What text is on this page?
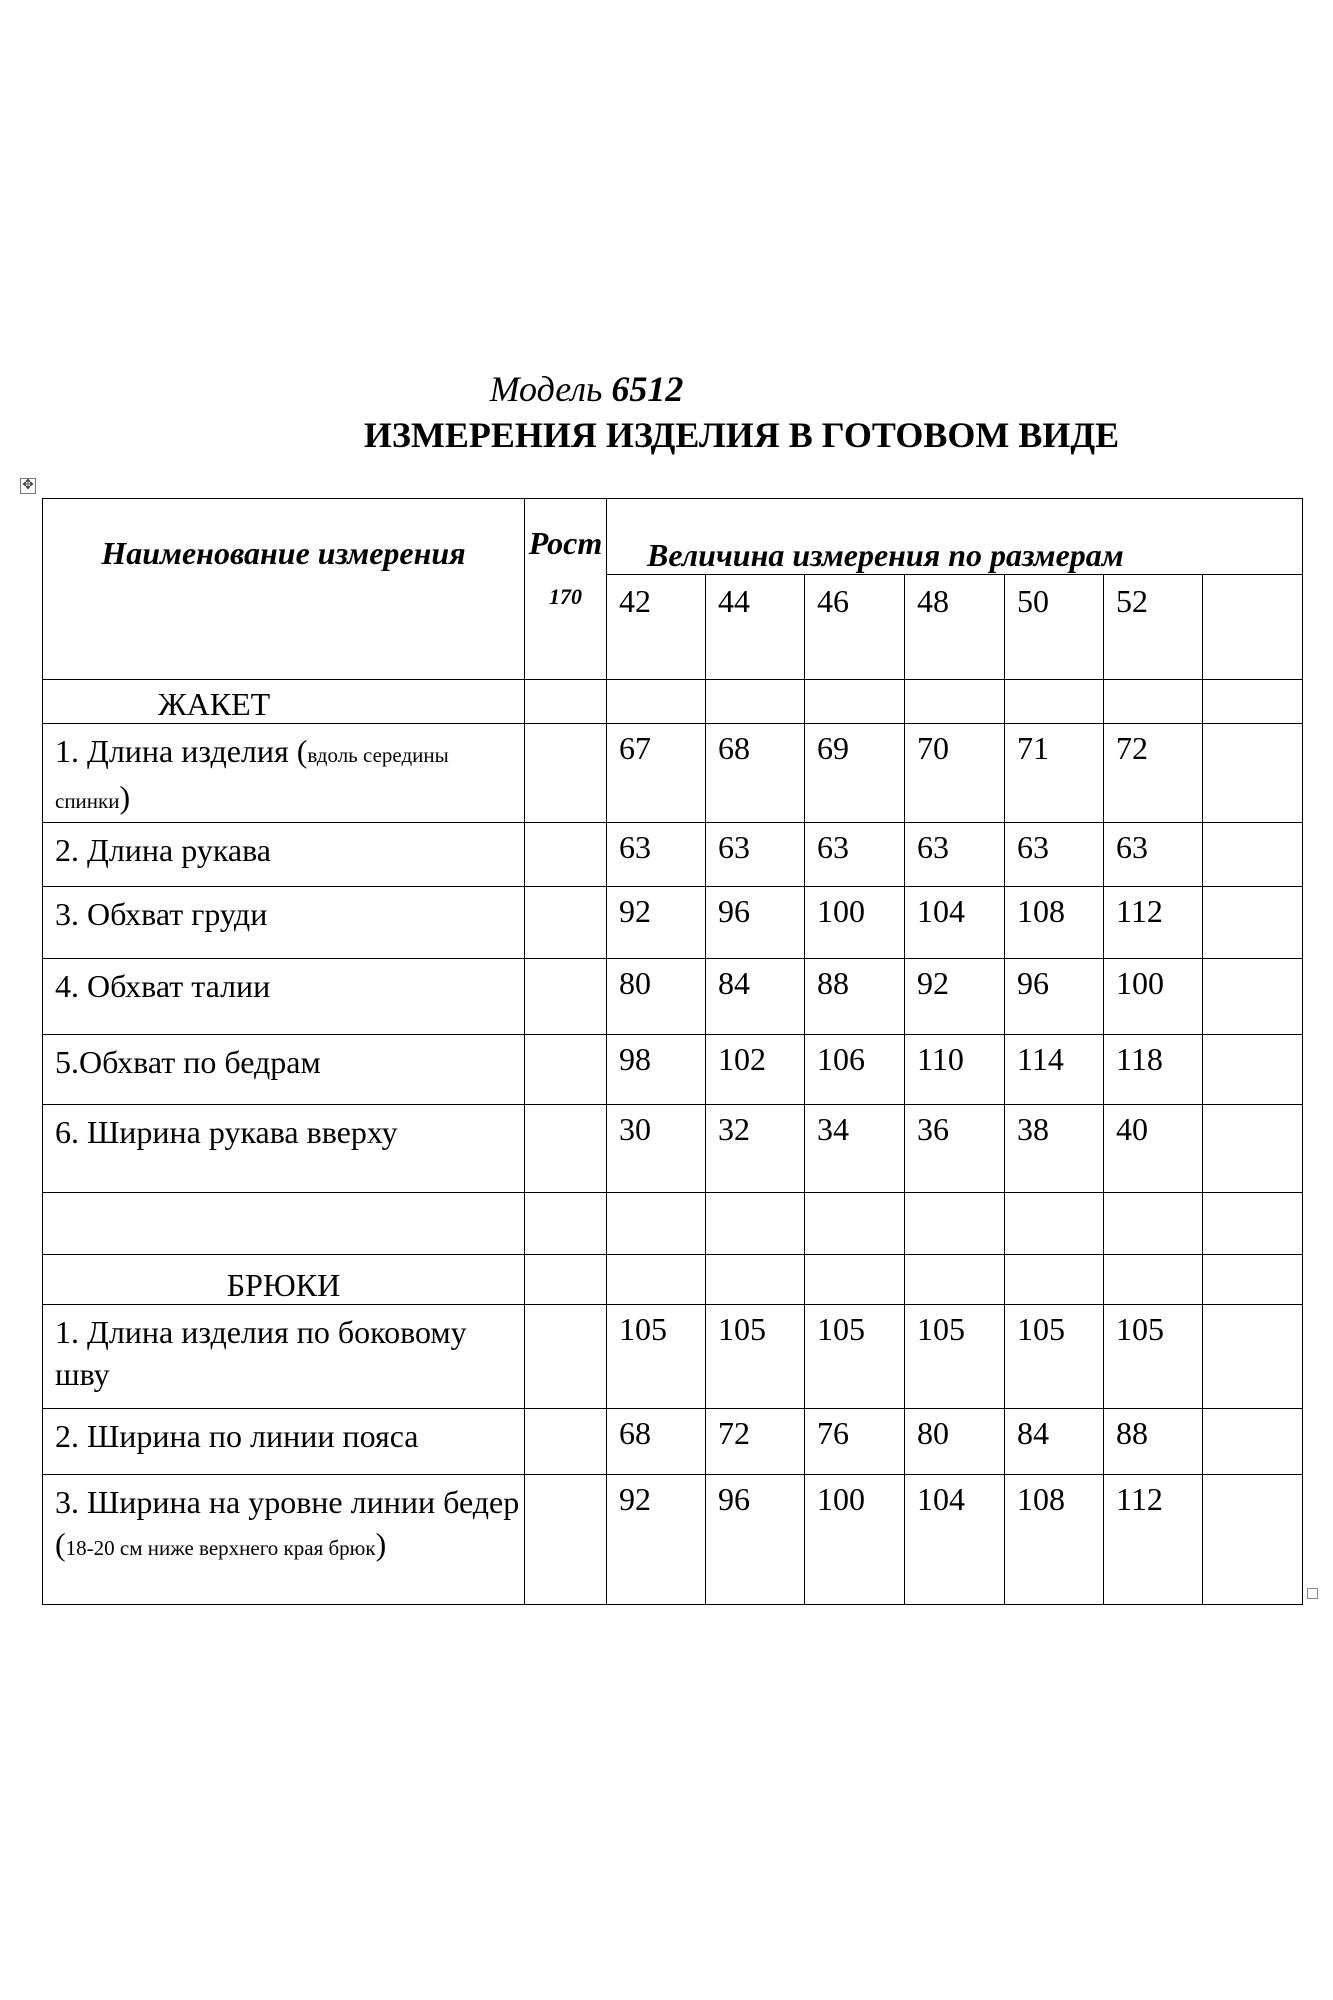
Модель 6512
ИЗМЕРЕНИЯ ИЗДЕЛИЯ В ГОТОВОМ ВИДЕ
✥
Наименование измерения	Рост
170	Величина измерения по размерам						

		42	44	46	48	50	52	
ЖАКЕТ								
1. Длина изделия (вдоль середины спинки)		67	68	69	70	71	72	
2. Длина рукава		63	63	63	63	63	63	
3. Обхват груди		92	96	100	104	108	112	
4. Обхват талии		80	84	88	92	96	100	
5.Обхват по бедрам		98	102	106	110	114	118	
6. Ширина рукава вверху		30	32	34	36	38	40	

БРЮКИ								
1. Длина изделия по боковому шву		105	105	105	105	105	105	
2. Ширина по линии пояса		68	72	76	80	84	88	
3. Ширина на уровне линии бедер (18-20 см ниже верхнего края брюк)		92	96	100	104	108	112	
